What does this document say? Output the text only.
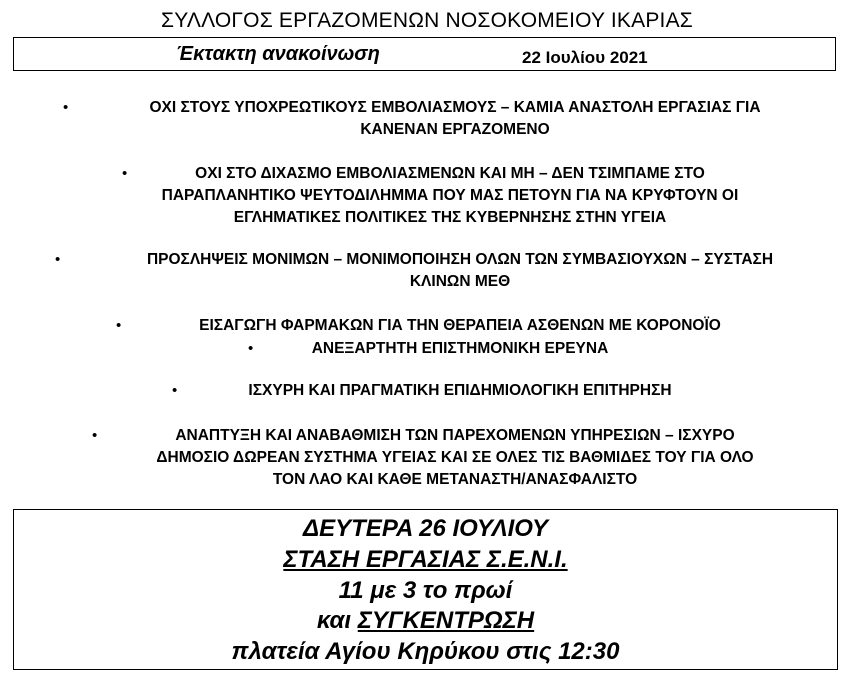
ΣΥΛΛΟΓΟΣ ΕΡΓΑΖΟΜΕΝΩΝ ΝΟΣΟΚΟΜΕΙΟΥ ΙΚΑΡΙΑΣ
Έκτακτη ανακοίνωση	22 Ιουλίου 2021
•	ΟΧΙ ΣΤΟΥΣ ΥΠΟΧΡΕΩΤΙΚΟΥΣ ΕΜΒΟΛΙΑΣΜΟΥΣ – ΚΑΜΙΑ ΑΝΑΣΤΟΛΗ ΕΡΓΑΣΙΑΣ ΓΙΑ
ΚΑΝΕΝΑΝ ΕΡΓΑΖΟΜΕΝΟ
•	ΟΧΙ ΣΤΟ ΔΙΧΑΣΜΟ ΕΜΒΟΛΙΑΣΜΕΝΩΝ ΚΑΙ ΜΗ – ΔΕΝ ΤΣΙΜΠΑΜΕ ΣΤΟ
ΠΑΡΑΠΛΑΝΗΤΙΚΟ ΨΕΥΤΟΔΙΛΗΜΜΑ ΠΟΥ ΜΑΣ ΠΕΤΟΥΝ ΓΙΑ ΝΑ ΚΡΥΦΤΟΥΝ ΟΙ
ΕΓΛΗΜΑΤΙΚΕΣ ΠΟΛΙΤΙΚΕΣ ΤΗΣ ΚΥΒΕΡΝΗΣΗΣ ΣΤΗΝ ΥΓΕΙΑ
•	ΠΡΟΣΛΗΨΕΙΣ ΜΟΝΙΜΩΝ – ΜΟΝΙΜΟΠΟΙΗΣΗ ΟΛΩΝ ΤΩΝ ΣΥΜΒΑΣΙΟΥΧΩΝ – ΣΥΣΤΑΣΗ
ΚΛΙΝΩΝ ΜΕΘ
•	ΕΙΣΑΓΩΓΗ ΦΑΡΜΑΚΩΝ ΓΙΑ ΤΗΝ ΘΕΡΑΠΕΙΑ ΑΣΘΕΝΩΝ ΜΕ ΚΟΡΟΝΟΪΟ
•	ΑΝΕΞΑΡΤΗΤΗ ΕΠΙΣΤΗΜΟΝΙΚΗ ΕΡΕΥΝΑ
•	ΙΣΧΥΡΗ ΚΑΙ ΠΡΑΓΜΑΤΙΚΗ ΕΠΙΔΗΜΙΟΛΟΓΙΚΗ ΕΠΙΤΗΡΗΣΗ
•	ΑΝΑΠΤΥΞΗ ΚΑΙ ΑΝΑΒΑΘΜΙΣΗ ΤΩΝ ΠΑΡΕΧΟΜΕΝΩΝ ΥΠΗΡΕΣΙΩΝ – ΙΣΧΥΡΟ
ΔΗΜΟΣΙΟ ΔΩΡΕΑΝ ΣΥΣΤΗΜΑ ΥΓΕΙΑΣ ΚΑΙ ΣΕ ΟΛΕΣ ΤΙΣ ΒΑΘΜΙΔΕΣ ΤΟΥ ΓΙΑ ΟΛΟ
ΤΟΝ ΛΑΟ ΚΑΙ ΚΑΘΕ ΜΕΤΑΝΑΣΤΗ/ΑΝΑΣΦΑΛΙΣΤΟ
ΔΕΥΤΕΡΑ 26 ΙΟΥΛΙΟΥ
ΣΤΑΣΗ ΕΡΓΑΣΙΑΣ Σ.Ε.Ν.Ι.
11 με 3 το πρωί
και ΣΥΓΚΕΝΤΡΩΣΗ
πλατεία Αγίου Κηρύκου στις 12:30
